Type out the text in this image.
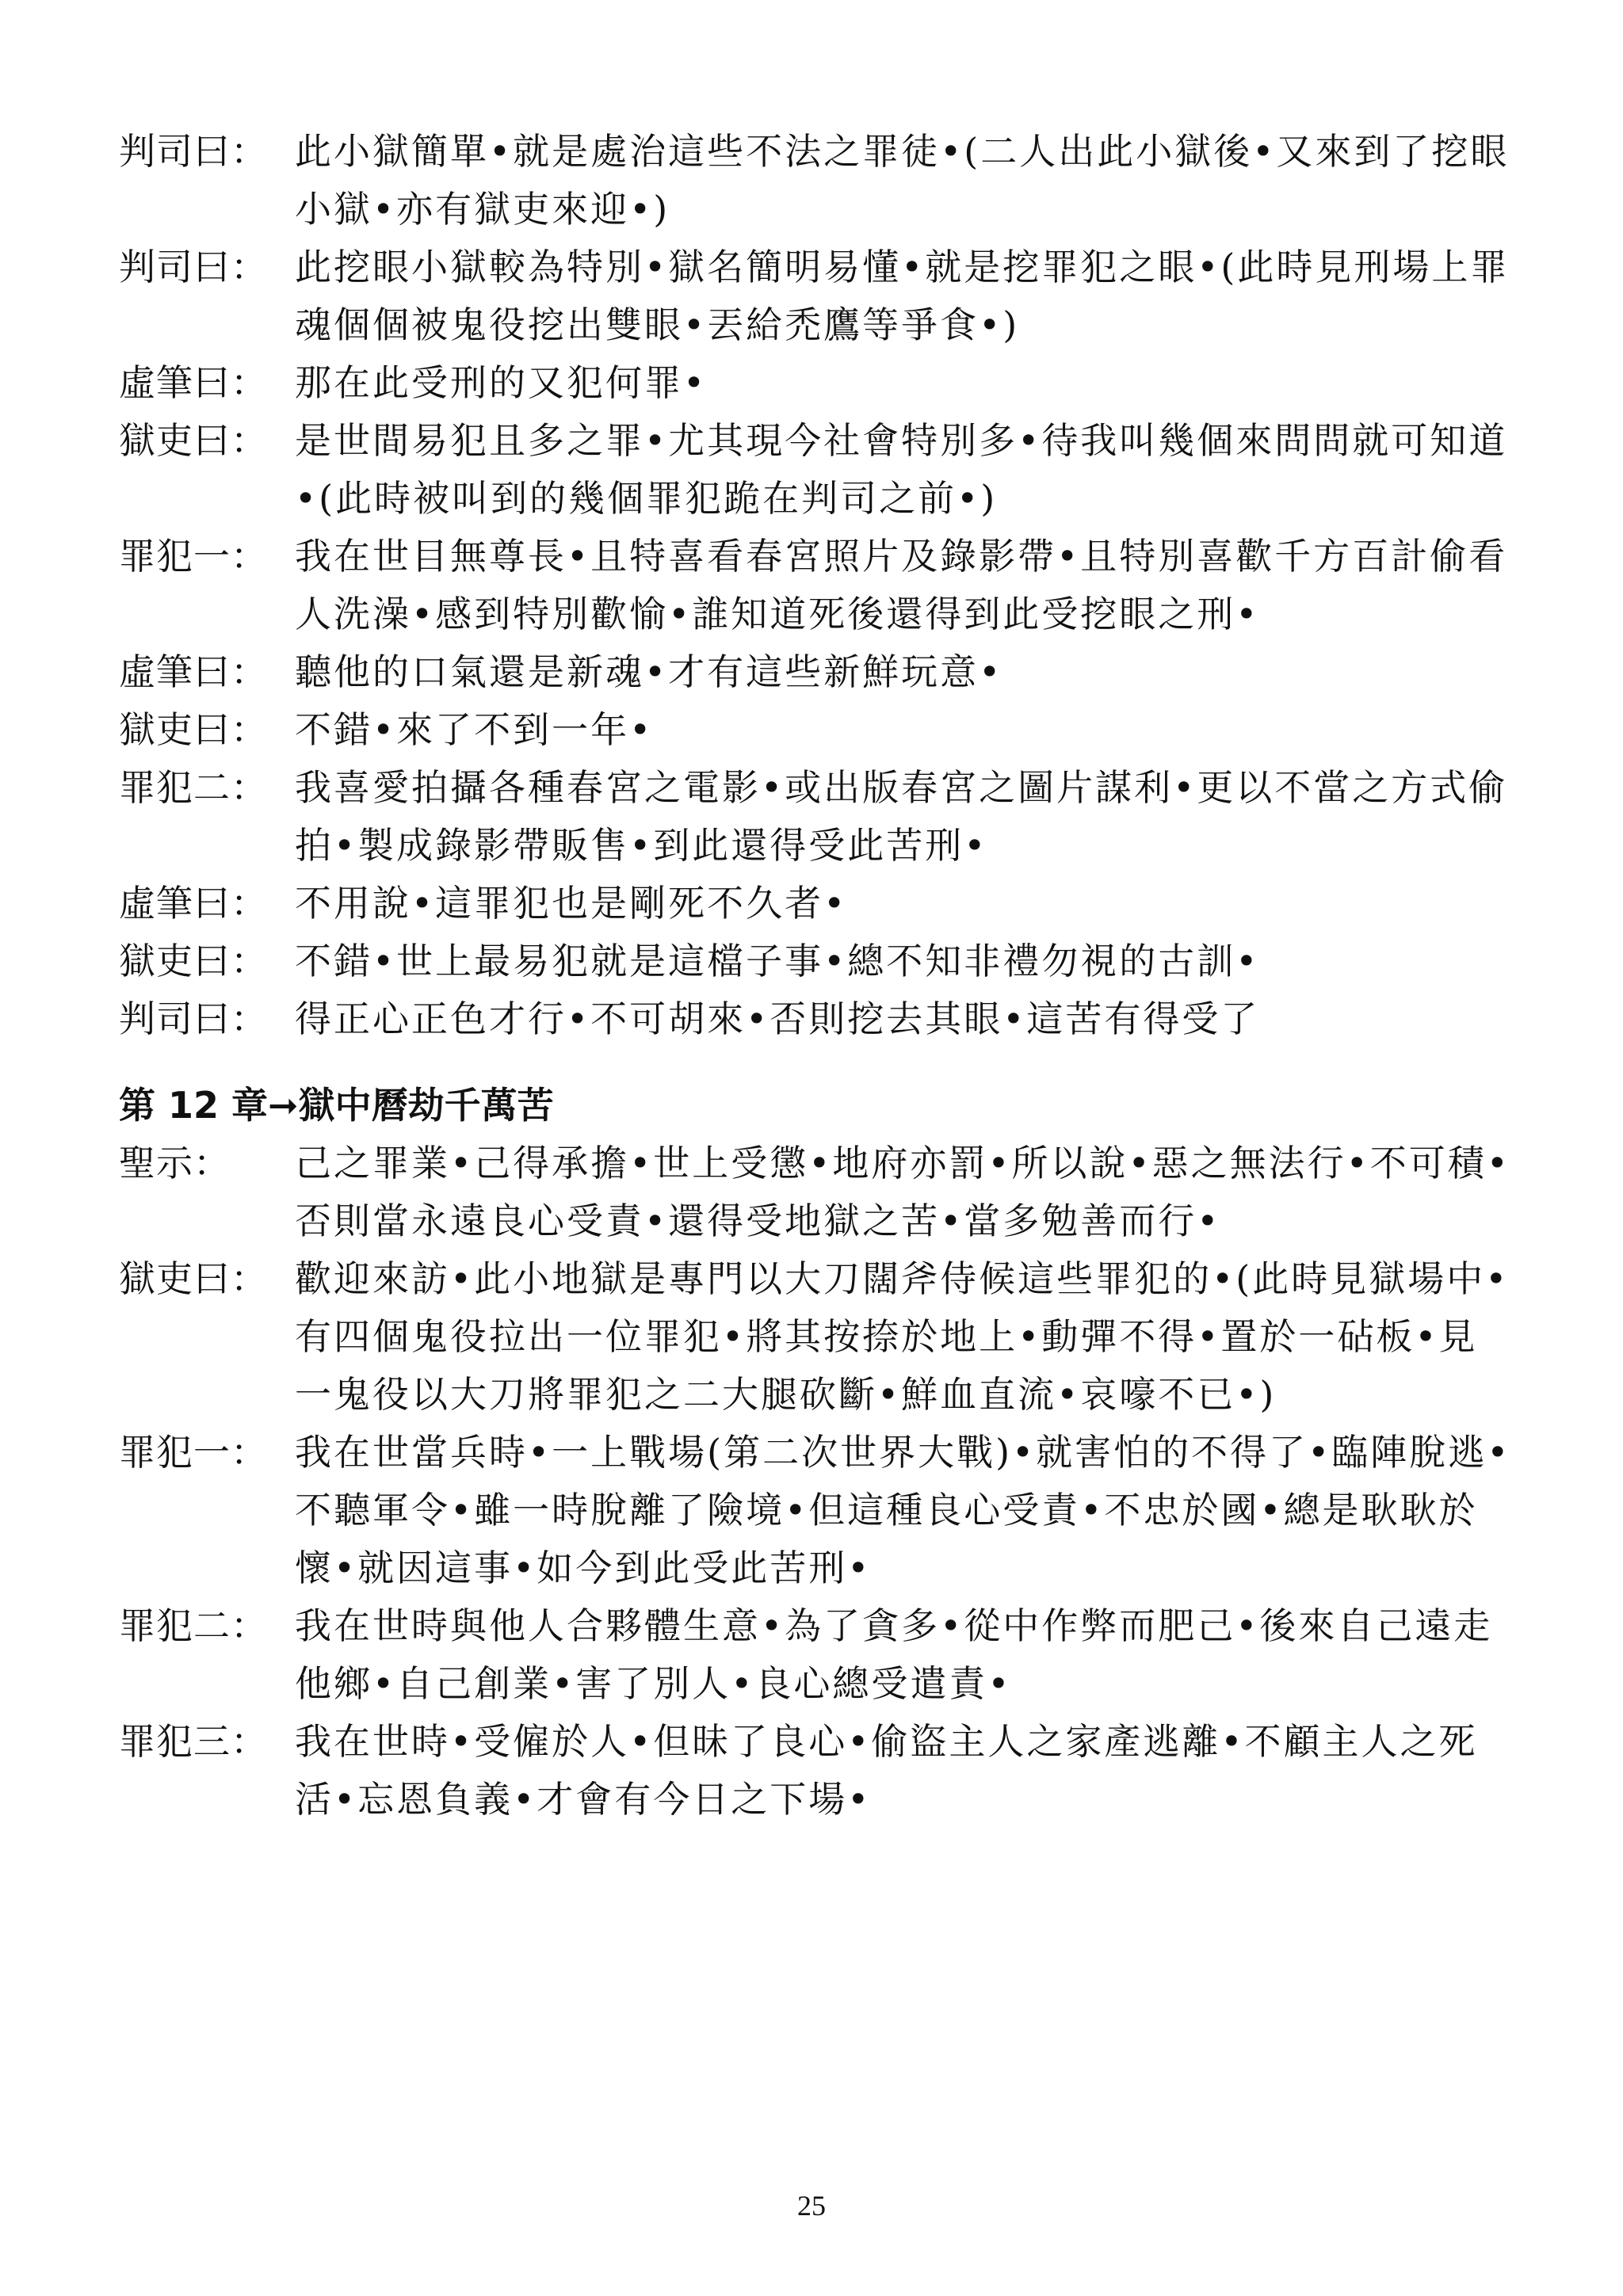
判司曰： 此小獄簡單•就是處治這些不法之罪徒•(二人出此小獄後•又來到了挖眼小獄•亦有獄吏來迎•)
判司曰： 此挖眼小獄較為特別•獄名簡明易懂•就是挖罪犯之眼•(此時見刑場上罪魂個個被鬼役挖出雙眼•丟給禿鷹等爭食•)
虛筆曰： 那在此受刑的又犯何罪•
獄吏曰： 是世間易犯且多之罪•尤其現今社會特別多•待我叫幾個來問問就可知道•(此時被叫到的幾個罪犯跪在判司之前•)
罪犯一： 我在世目無尊長•且特喜看春宮照片及錄影帶•且特別喜歡千方百計偷看人洗澡•感到特別歡愉•誰知道死後還得到此受挖眼之刑•
虛筆曰： 聽他的口氣還是新魂•才有這些新鮮玩意•
獄吏曰： 不錯•來了不到一年•
罪犯二： 我喜愛拍攝各種春宮之電影•或出版春宮之圖片謀利•更以不當之方式偷拍•製成錄影帶販售•到此還得受此苦刑•
虛筆曰： 不用說•這罪犯也是剛死不久者•
獄吏曰： 不錯•世上最易犯就是這檔子事•總不知非禮勿視的古訓•
判司曰： 得正心正色才行•不可胡來•否則挖去其眼•這苦有得受了
第 12 章➞獄中曆劫千萬苦
聖示：	己之罪業•己得承擔•世上受懲•地府亦罰•所以說•惡之無法行•不可積•否則當永遠良心受責•還得受地獄之苦•當多勉善而行•
獄吏曰： 歡迎來訪•此小地獄是專門以大刀闊斧侍候這些罪犯的•(此時見獄場中•有四個鬼役拉出一位罪犯•將其按捺於地上•動彈不得•置於一砧板•見一鬼役以大刀將罪犯之二大腿砍斷•鮮血直流•哀嚎不已•)
罪犯一： 我在世當兵時•一上戰場(第二次世界大戰)•就害怕的不得了•臨陣脫逃•不聽軍令•雖一時脫離了險境•但這種良心受責•不忠於國•總是耿耿於懷•就因這事•如今到此受此苦刑•
罪犯二： 我在世時與他人合夥體生意•為了貪多•從中作弊而肥己•後來自己遠走他鄉•自己創業•害了別人•良心總受遣責•
罪犯三： 我在世時•受僱於人•但昧了良心•偷盜主人之家產逃離•不顧主人之死活•忘恩負義•才會有今日之下場•
25
